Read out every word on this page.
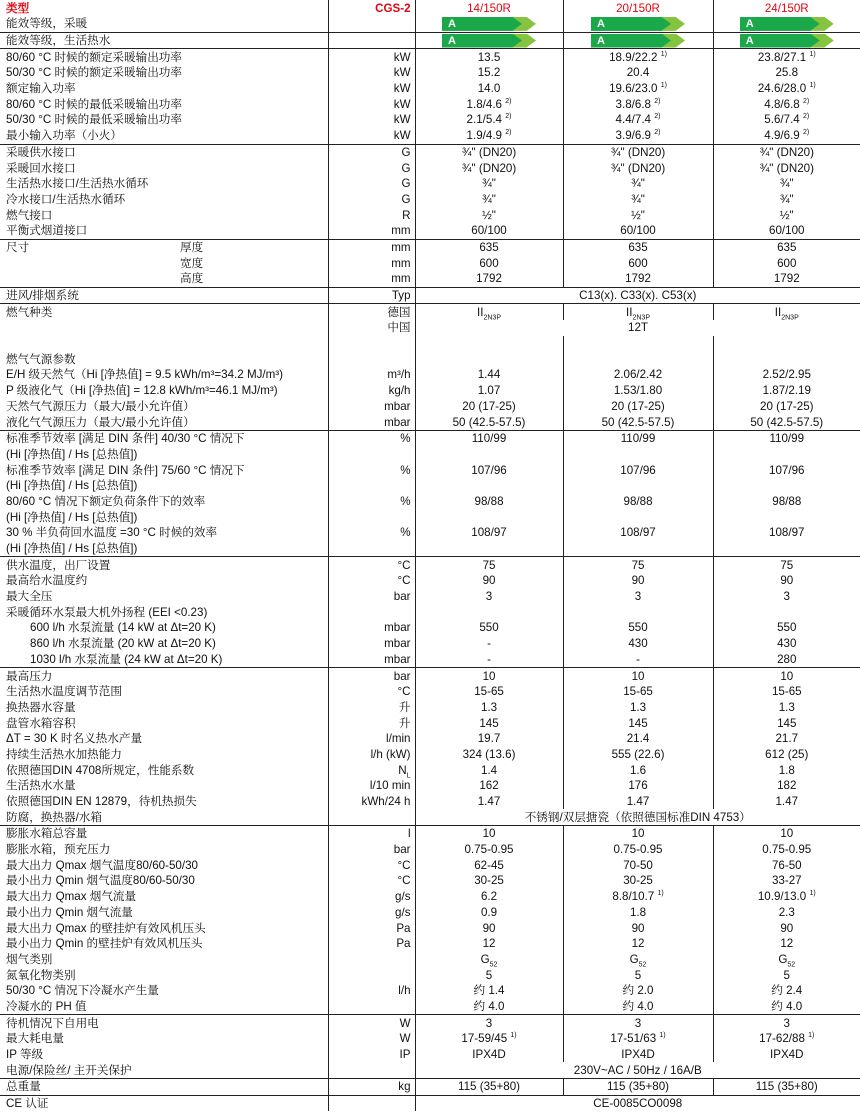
类型		CGS-2	14/150R	20/150R	24/150R
能效等级，采暖			A	A	A

能效等级，生活热水			A	A	A

80/60 °C 时候的额定采暖输出功率		kW	13.5	18.9/22.2 $^{1)}$	23.8/27.1 $^{1)}$
50/30 °C 时候的额定采暖输出功率		kW	15.2	20.4	25.8
额定输入功率		kW	14.0	19.6/23.0 $^{1)}$	24.6/28.0 $^{1)}$
80/60 °C 时候的最低采暖输出功率		kW	1.8/4.6 $^{2)}$	3.8/6.8 $^{2)}$	4.8/6.8 $^{2)}$
50/30 °C 时候的最低采暖输出功率		kW	2.1/5.4 $^{2)}$	4.4/7.4 $^{2)}$	5.6/7.4 $^{2)}$
最小输入功率（小火）		kW	1.9/4.9 $^{2)}$	3.9/6.9 $^{2)}$	4.9/6.9 $^{2)}$
采暖供水接口		G	¾" (DN20)	¾" (DN20)	¾" (DN20)
采暖回水接口		G	¾" (DN20)	¾" (DN20)	¾" (DN20)
生活热水接口/生活热水循环		G	¾"	¾"	¾"
冷水接口/生活热水循环		G	¾"	¾"	¾"
燃气接口		R	½"	½"	½"
平衡式烟道接口		mm	60/100	60/100	60/100
尺寸	厚度	mm	635	635	635
	宽度	mm	600	600	600
	高度	mm	1792	1792	1792
进风/排烟系统		Typ	C13(x). C33(x). C53(x)		
燃气种类		德国	$II_{2N3P}$	$II_{2N3P}$	$II_{2N3P}$
		中国		12T	

燃气气源参数					
E/H 级天然气（Hi [净热值] = 9.5 kWh/m³=34.2 MJ/m³)		m³/h	1.44	2.06/2.42	2.52/2.95
P 级液化气（Hi [净热值] = 12.8 kWh/m³=46.1 MJ/m³)		kg/h	1.07	1.53/1.80	1.87/2.19
天然气气源压力（最大/最小允许值）		mbar	20 (17-25)	20 (17-25)	20 (17-25)
液化气气源压力（最大/最小允许值）		mbar	50 (42.5-57.5)	50 (42.5-57.5)	50 (42.5-57.5)
标准季节效率 [满足 DIN 条件] 40/30 °C 情况下		%	110/99	110/99	110/99
(Hi [净热值] / Hs [总热值])					
标准季节效率 [满足 DIN 条件] 75/60 °C 情况下		%	107/96	107/96	107/96
(Hi [净热值] / Hs [总热值])					
80/60 °C 情况下额定负荷条件下的效率		%	98/88	98/88	98/88
(Hi [净热值] / Hs [总热值])					
30 % 半负荷回水温度 =30 °C 时候的效率		%	108/97	108/97	108/97
(Hi [净热值] / Hs [总热值])					
供水温度，出厂设置		°C	75	75	75
最高给水温度约		°C	90	90	90
最大全压		bar	3	3	3
采暖循环水泵最大机外扬程 (EEI <0.23)					
600 l/h 水泵流量 (14 kW at Δt=20 K)		mbar	550	550	550
860 l/h 水泵流量 (20 kW at Δt=20 K)		mbar	-	430	430
1030 l/h 水泵流量 (24 kW at Δt=20 K)		mbar	-	-	280
最高压力		bar	10	10	10
生活热水温度调节范围		°C	15-65	15-65	15-65
换热器水容量		升	1.3	1.3	1.3
盘管水箱容积		升	145	145	145
ΔT = 30 K 时名义热水产量		l/min	19.7	21.4	21.7
持续生活热水加热能力		l/h (kW)	324 (13.6)	555 (22.6)	612 (25)
依照德国DIN 4708所规定，性能系数		$N_L$	1.4	1.6	1.8
生活热水水量		l/10 min	162	176	182
依照德国DIN EN 12879，待机热损失		kWh/24 h	1.47	1.47	1.47
防腐，换热器/水箱			不锈钢/双层搪瓷（依照德国标准DIN 4753）		
膨胀水箱总容量		l	10	10	10
膨胀水箱，预充压力		bar	0.75-0.95	0.75-0.95	0.75-0.95
最大出力 Qmax 烟气温度80/60-50/30		°C	62-45	70-50	76-50
最小出力 Qmin 烟气温度80/60-50/30		°C	30-25	30-25	33-27
最大出力 Qmax 烟气流量		g/s	6.2	8.8/10.7 $^{1)}$	10.9/13.0 $^{1)}$
最小出力 Qmin 烟气流量		g/s	0.9	1.8	2.3
最大出力 Qmax 的壁挂炉有效风机压头		Pa	90	90	90
最小出力 Qmin 的壁挂炉有效风机压头		Pa	12	12	12
烟气类别			$G_{52}$	$G_{52}$	$G_{52}$
氮氧化物类别			5	5	5
50/30 °C 情况下冷凝水产生量		l/h	约 1.4	约 2.0	约 2.4
冷凝水的 PH 值			约 4.0	约 4.0	约 4.0
待机情况下自用电		W	3	3	3
最大耗电量		W	17-59/45 $^{1)}$	17-51/63 $^{1)}$	17-62/88 $^{1)}$
IP 等级		IP	IPX4D	IPX4D	IPX4D
电源/保险丝/ 主开关保护			230V~AC / 50Hz / 16A/B		
总重量		kg	115 (35+80)	115 (35+80)	115 (35+80)
CE 认证			CE-0085CO0098		
